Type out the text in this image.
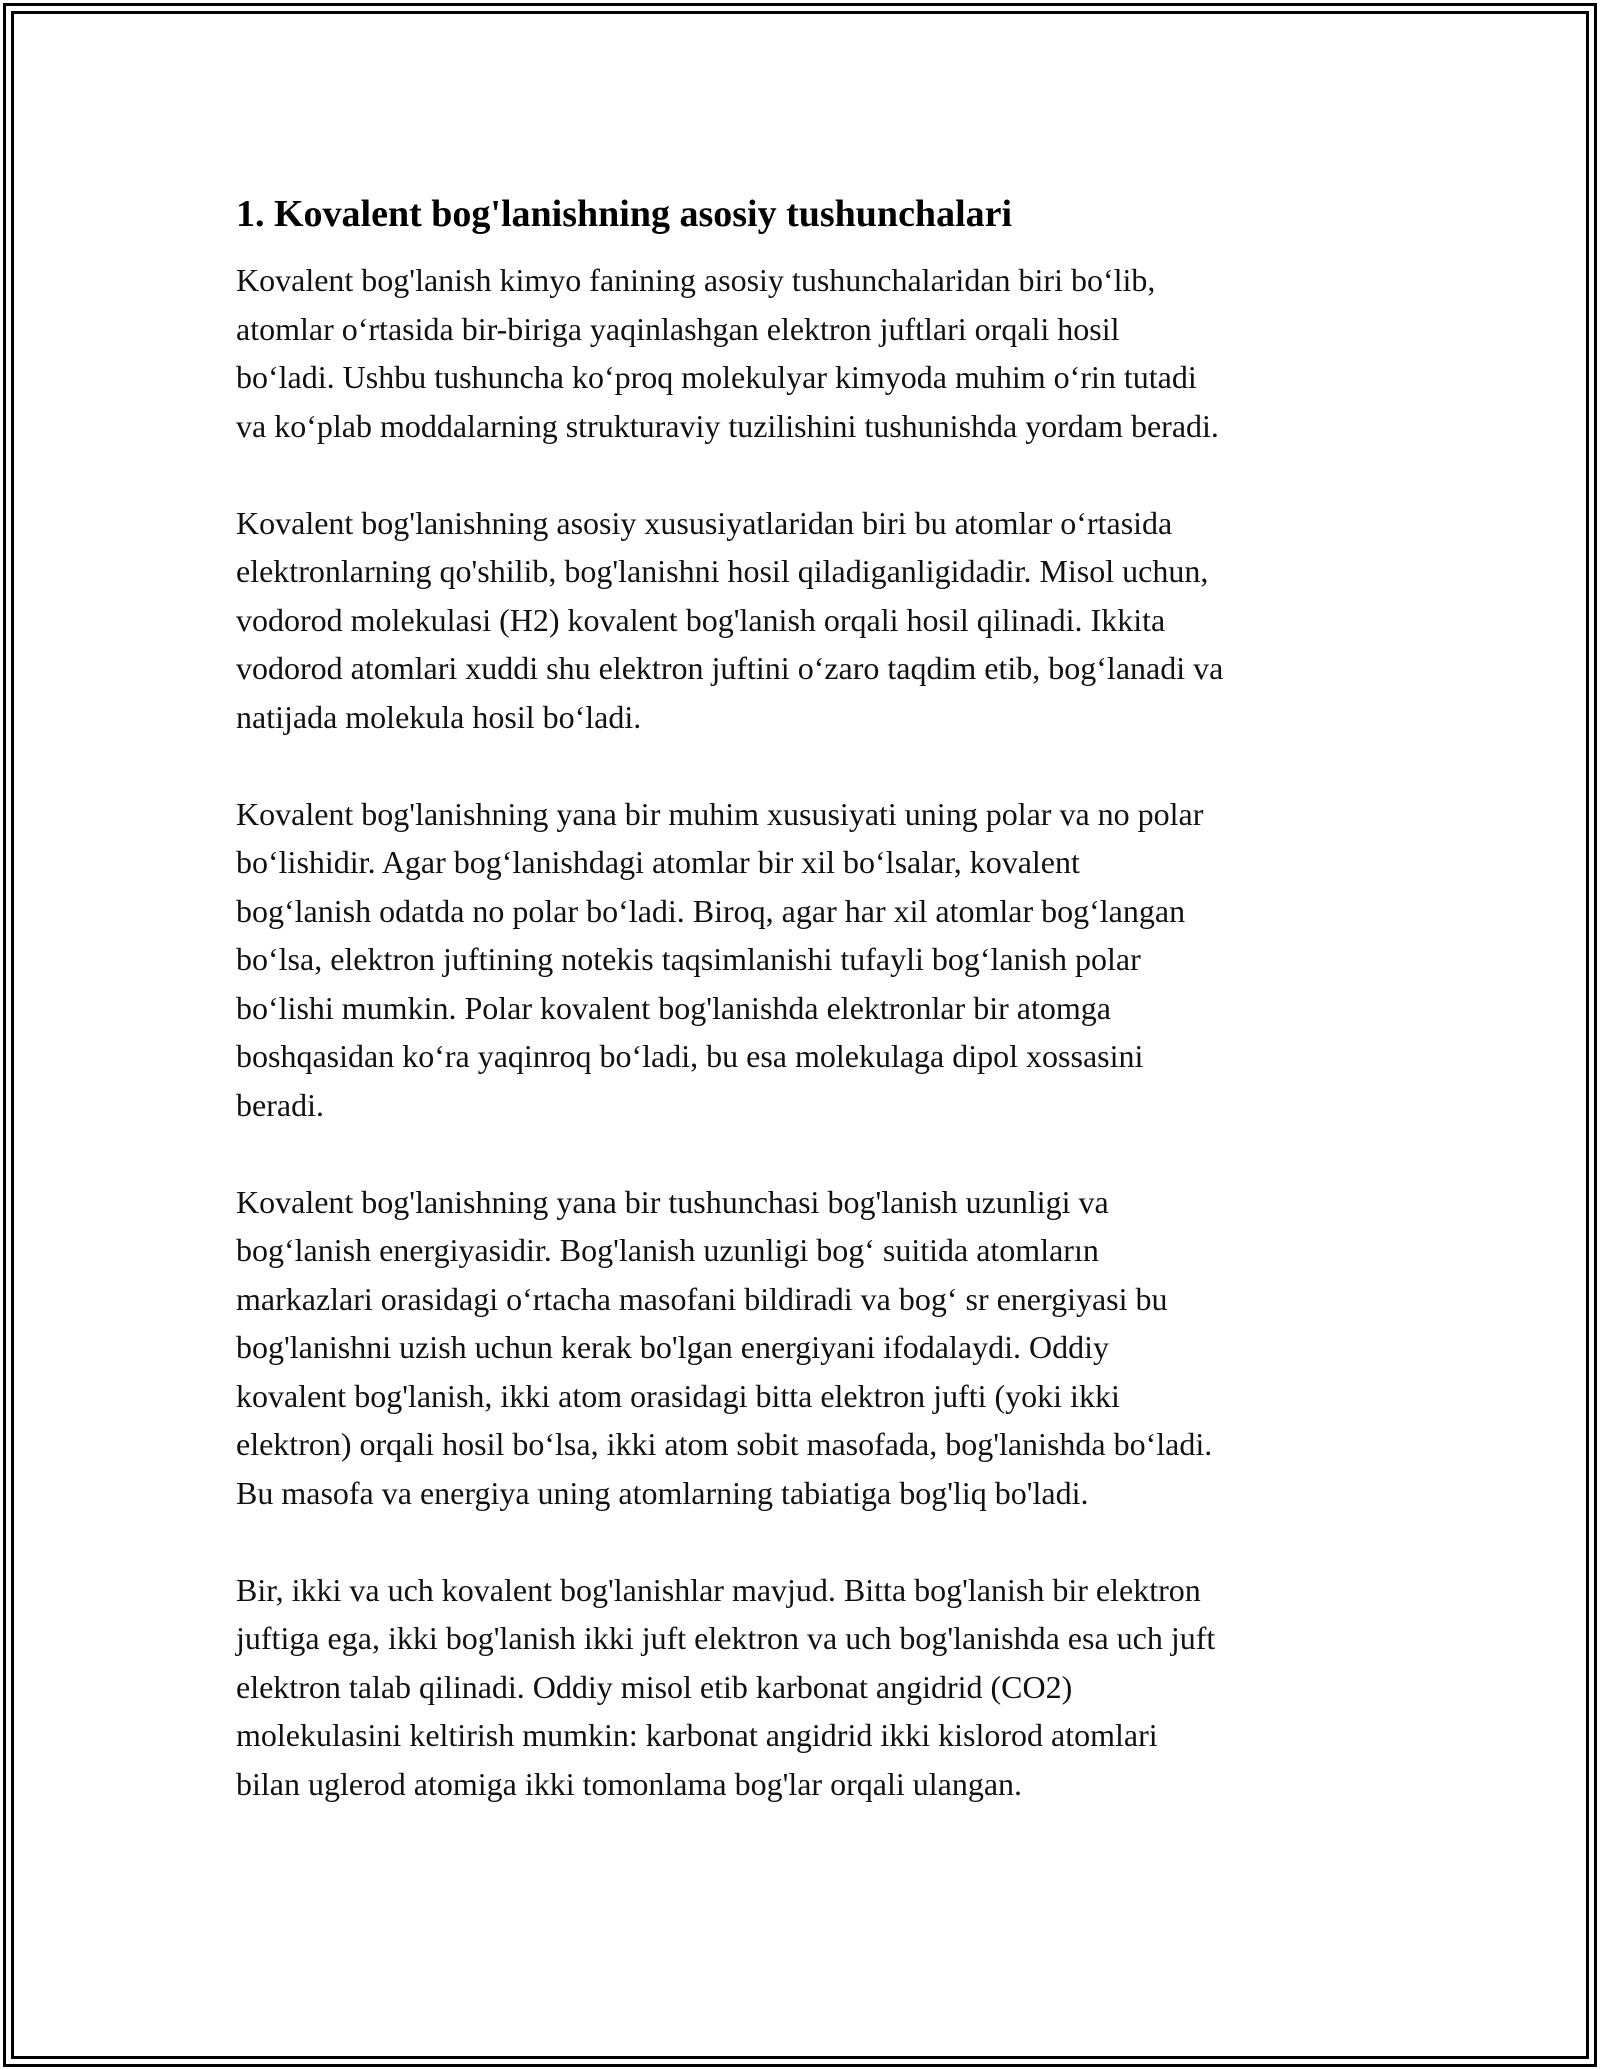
1. Kovalent bog'lanishning asosiy tushunchalari

Kovalent bog'lanish kimyo fanining asosiy tushunchalaridan biri bo‘lib,
atomlar o‘rtasida bir-biriga yaqinlashgan elektron juftlari orqali hosil
bo‘ladi. Ushbu tushuncha ko‘proq molekulyar kimyoda muhim o‘rin tutadi
va ko‘plab moddalarning strukturaviy tuzilishini tushunishda yordam beradi.

Kovalent bog'lanishning asosiy xususiyatlaridan biri bu atomlar o‘rtasida
elektronlarning qo'shilib, bog'lanishni hosil qiladiganligidadir. Misol uchun,
vodorod molekulasi (H2) kovalent bog'lanish orqali hosil qilinadi. Ikkita
vodorod atomlari xuddi shu elektron juftini o‘zaro taqdim etib, bog‘lanadi va
natijada molekula hosil bo‘ladi.

Kovalent bog'lanishning yana bir muhim xususiyati uning polar va no polar
bo‘lishidir. Agar bog‘lanishdagi atomlar bir xil bo‘lsalar, kovalent
bog‘lanish odatda no polar bo‘ladi. Biroq, agar har xil atomlar bog‘langan
bo‘lsa, elektron juftining notekis taqsimlanishi tufayli bog‘lanish polar
bo‘lishi mumkin. Polar kovalent bog'lanishda elektronlar bir atomga
boshqasidan ko‘ra yaqinroq bo‘ladi, bu esa molekulaga dipol xossasini
beradi.

Kovalent bog'lanishning yana bir tushunchasi bog'lanish uzunligi va
bog‘lanish energiyasidir. Bog'lanish uzunligi bog‘ suitida atomların
markazlari orasidagi o‘rtacha masofani bildiradi va bog‘ sr energiyasi bu
bog'lanishni uzish uchun kerak bo'lgan energiyani ifodalaydi. Oddiy
kovalent bog'lanish, ikki atom orasidagi bitta elektron jufti (yoki ikki
elektron) orqali hosil bo‘lsa, ikki atom sobit masofada, bog'lanishda bo‘ladi.
Bu masofa va energiya uning atomlarning tabiatiga bog'liq bo'ladi.

Bir, ikki va uch kovalent bog'lanishlar mavjud. Bitta bog'lanish bir elektron
juftiga ega, ikki bog'lanish ikki juft elektron va uch bog'lanishda esa uch juft
elektron talab qilinadi. Oddiy misol etib karbonat angidrid (CO2)
molekulasini keltirish mumkin: karbonat angidrid ikki kislorod atomlari
bilan uglerod atomiga ikki tomonlama bog'lar orqali ulangan.
